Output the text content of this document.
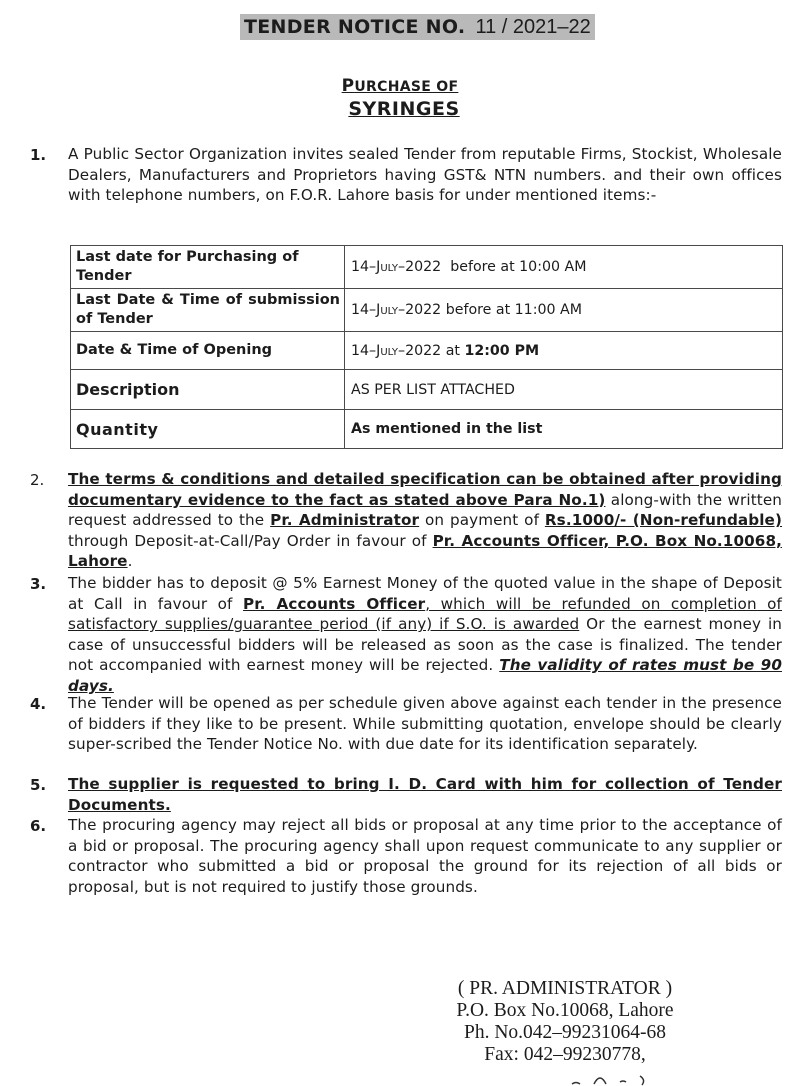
TENDER NOTICE NO. 11 / 2021–22
PURCHASE OF
SYRINGES
1. A Public Sector Organization invites sealed Tender from reputable Firms, Stockist, Wholesale Dealers, Manufacturers and Proprietors having GST& NTN numbers. and their own offices with telephone numbers, on F.O.R. Lahore basis for under mentioned items:-
Last date for Purchasing of Tender	14–July–2022  before at 10:00 AM
Last Date & Time of submission of Tender	14–July–2022 before at 11:00 AM
Date & Time of Opening	14–July–2022 at 12:00 PM
Description	AS PER LIST ATTACHED
Quantity	As mentioned in the list
2. The terms & conditions and detailed specification can be obtained after providing documentary evidence to the fact as stated above Para No.1) along-with the written request addressed to the Pr. Administrator on payment of Rs.1000/- (Non-refundable) through Deposit-at-Call/Pay Order in favour of Pr. Accounts Officer, P.O. Box No.10068, Lahore.
3. The bidder has to deposit @ 5% Earnest Money of the quoted value in the shape of Deposit at Call in favour of Pr. Accounts Officer, which will be refunded on completion of satisfactory supplies/guarantee period (if any) if S.O. is awarded Or the earnest money in case of unsuccessful bidders will be released as soon as the case is finalized. The tender not accompanied with earnest money will be rejected. The validity of rates must be 90 days.
4. The Tender will be opened as per schedule given above against each tender in the presence of bidders if they like to be present. While submitting quotation, envelope should be clearly super-scribed the Tender Notice No. with due date for its identification separately.
5. The supplier is requested to bring I. D. Card with him for collection of Tender Documents.
6. The procuring agency may reject all bids or proposal at any time prior to the acceptance of a bid or proposal. The procuring agency shall upon request communicate to any supplier or contractor who submitted a bid or proposal the ground for its rejection of all bids or proposal, but is not required to justify those grounds.
( PR. ADMINISTRATOR )
P.O. Box No.10068, Lahore
Ph. No.042–99231064-68
Fax: 042–99230778,
